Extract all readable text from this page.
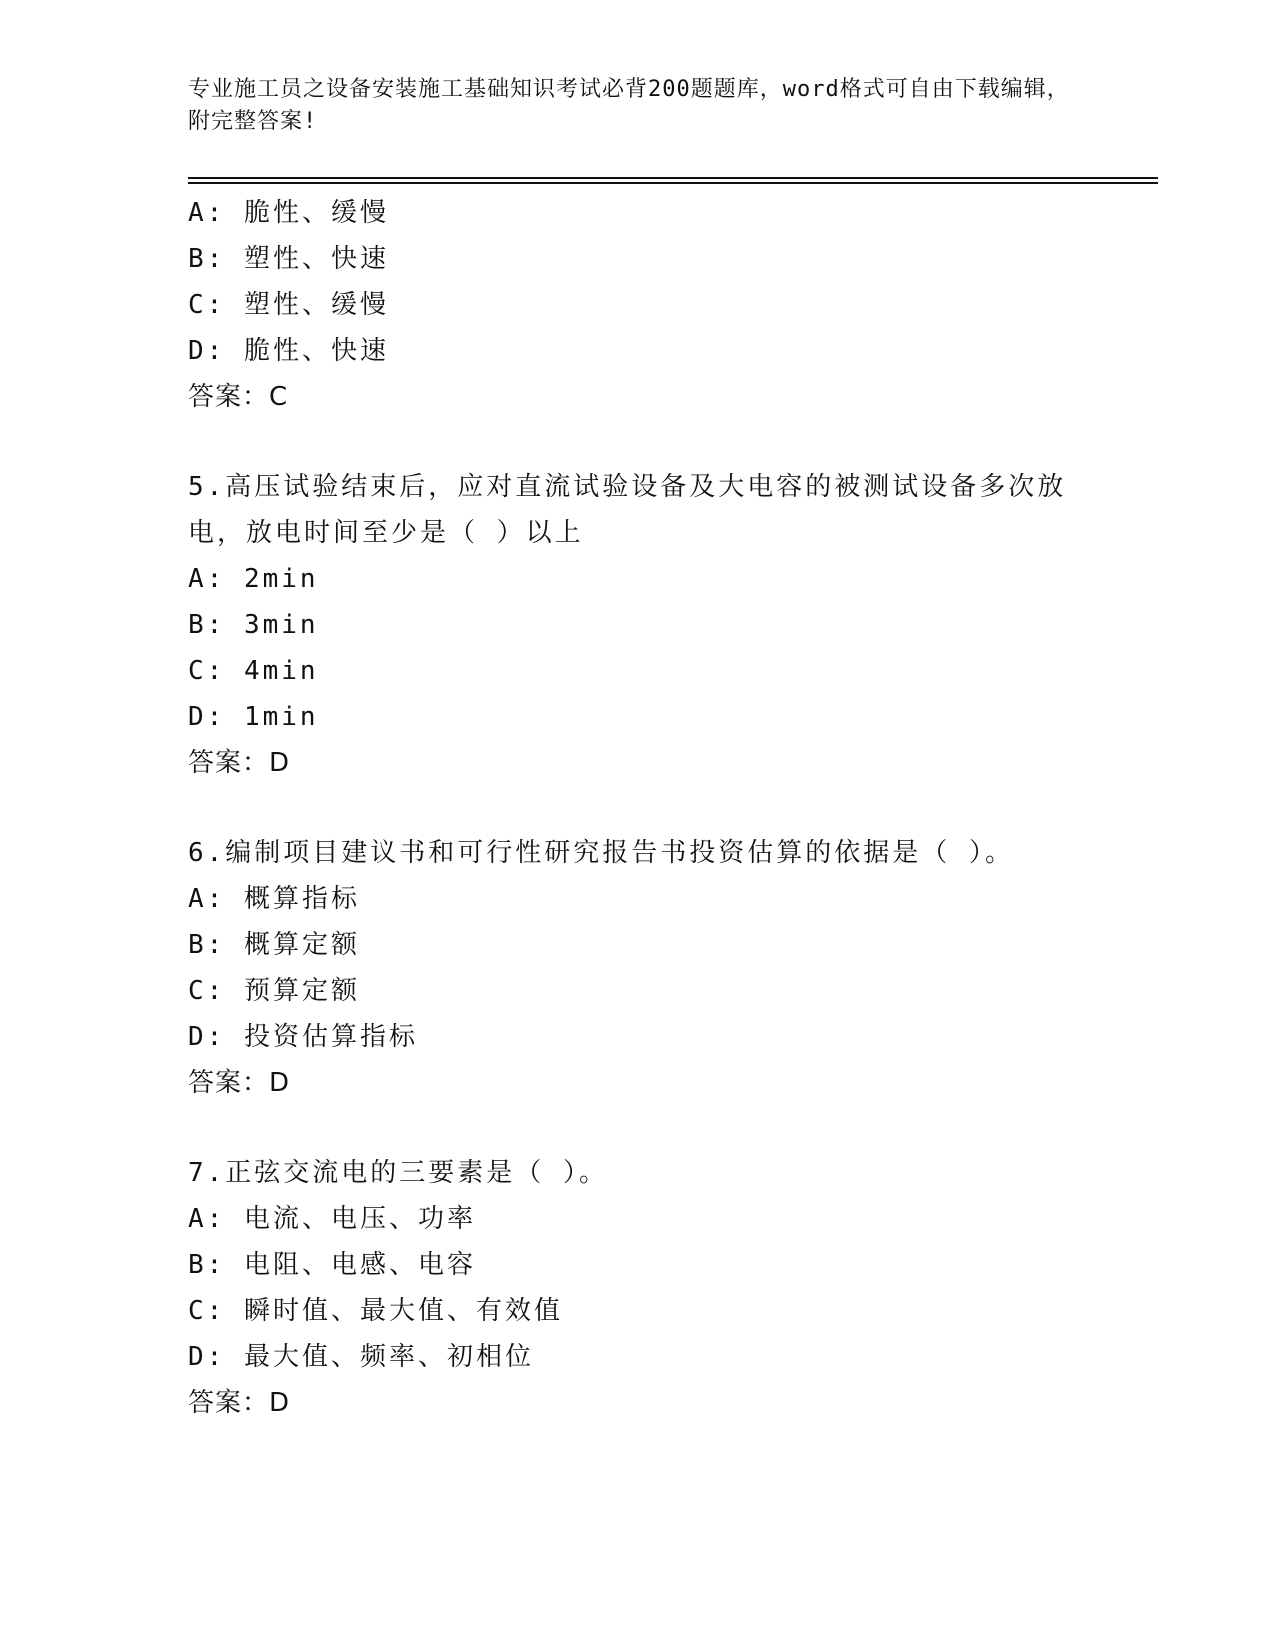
专业施工员之设备安装施工基础知识考试必背200题题库，word格式可自由下载编辑，附完整答案!
A: 脆性、缓慢
B: 塑性、快速
C: 塑性、缓慢
D: 脆性、快速
答案：C
5.高压试验结束后，应对直流试验设备及大电容的被测试设备多次放电，放电时间至少是（ ）以上
A: 2min
B: 3min
C: 4min
D: 1min
答案：D
6.编制项目建议书和可行性研究报告书投资估算的依据是（ ）。
A: 概算指标
B: 概算定额
C: 预算定额
D: 投资估算指标
答案：D
7.正弦交流电的三要素是（ ）。
A: 电流、电压、功率
B: 电阻、电感、电容
C: 瞬时值、最大值、有效值
D: 最大值、频率、初相位
答案：D
